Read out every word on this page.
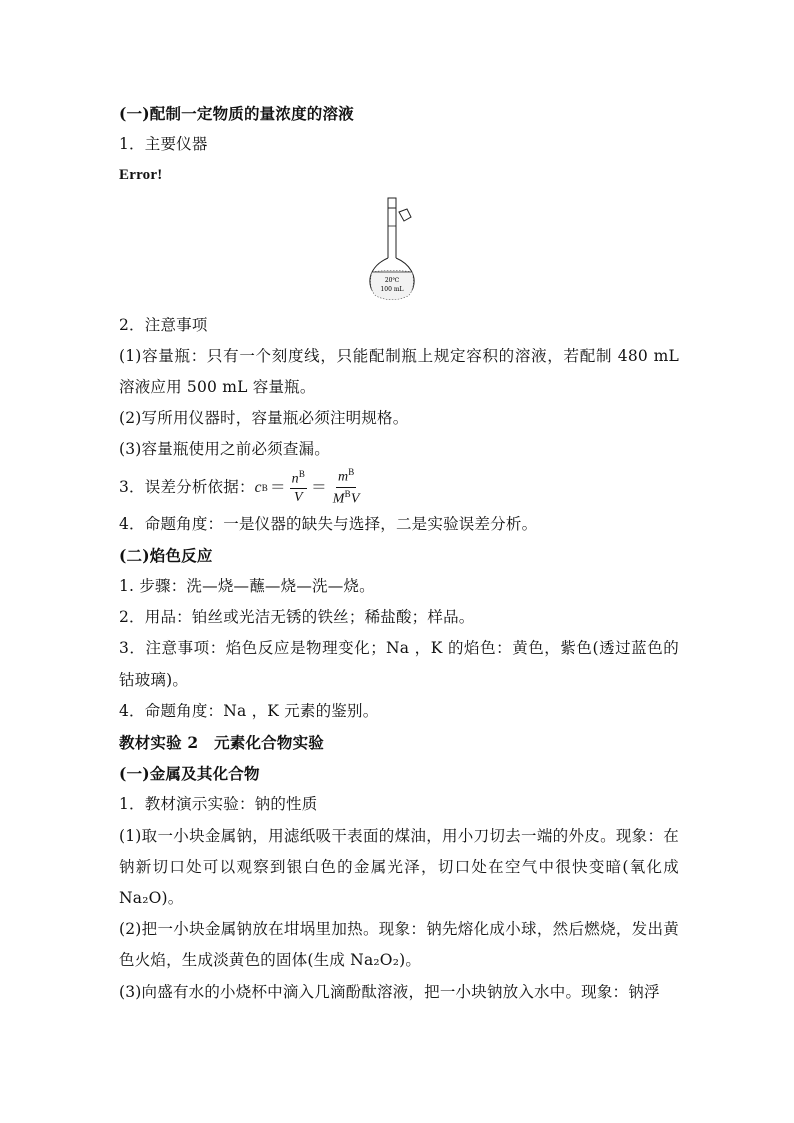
(一)配制一定物质的量浓度的溶液
1．主要仪器
Error!
20℃
100 mL
2．注意事项
(1)容量瓶：只有一个刻度线，只能配制瓶上规定容积的溶液，若配制 480 mL 溶液应用 500 mL 容量瓶。
(2)写所用仪器时，容量瓶必须注明规格。
(3)容量瓶使用之前必须查漏。
3．误差分析依据： c $B = \frac{n^B}{V} = \frac{m^B}{M^BV}$
4．命题角度：一是仪器的缺失与选择，二是实验误差分析。
(二)焰色反应
1. 步骤：洗—烧—蘸—烧—洗—烧。
2．用品：铂丝或光洁无锈的铁丝；稀盐酸；样品。
3．注意事项：焰色反应是物理变化；Na ，K 的焰色：黄色，紫色(透过蓝色的钴玻璃)。
4．命题角度：Na ，K 元素的鉴别。
教材实验 2　元素化合物实验
(一)金属及其化合物
1．教材演示实验：钠的性质
(1)取一小块金属钠，用滤纸吸干表面的煤油，用小刀切去一端的外皮。现象：在钠新切口处可以观察到银白色的金属光泽，切口处在空气中很快变暗(氧化成 Na₂O)。
(2)把一小块金属钠放在坩埚里加热。现象：钠先熔化成小球，然后燃烧，发出黄色火焰，生成淡黄色的固体(生成 Na₂O₂)。
(3)向盛有水的小烧杯中滴入几滴酚酞溶液，把一小块钠放入水中。现象：钠浮
